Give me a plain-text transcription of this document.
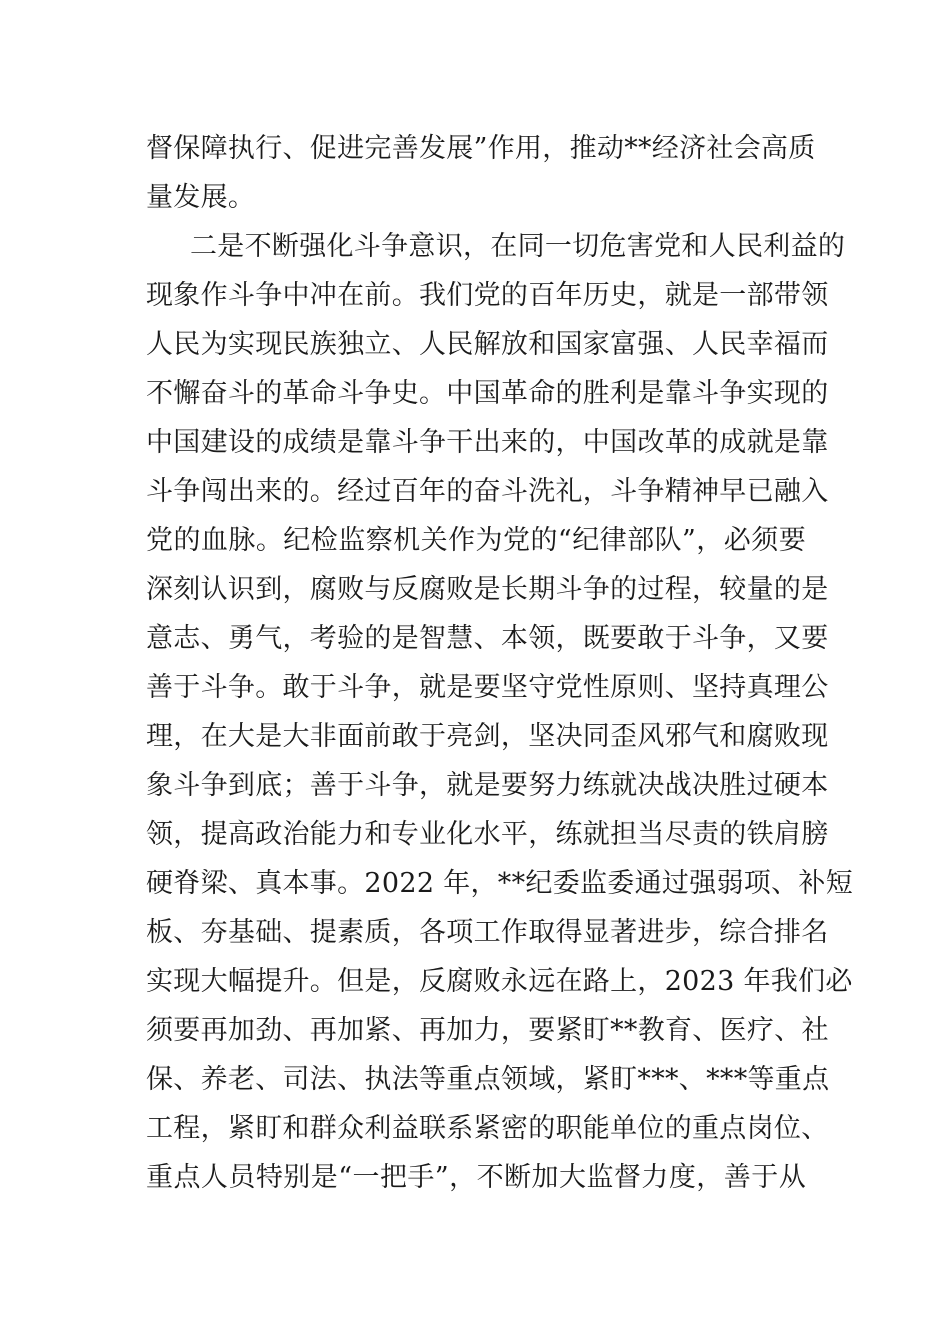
督保障执行、促进完善发展”作用，推动**经济社会高质
量发展。
二是不断强化斗争意识，在同一切危害党和人民利益的
现象作斗争中冲在前。我们党的百年历史，就是一部带领
人民为实现民族独立、人民解放和国家富强、人民幸福而
不懈奋斗的革命斗争史。中国革命的胜利是靠斗争实现的
中国建设的成绩是靠斗争干出来的，中国改革的成就是靠
斗争闯出来的。经过百年的奋斗洗礼，斗争精神早已融入
党的血脉。纪检监察机关作为党的“纪律部队”，必须要
深刻认识到，腐败与反腐败是长期斗争的过程，较量的是
意志、勇气，考验的是智慧、本领，既要敢于斗争，又要
善于斗争。敢于斗争，就是要坚守党性原则、坚持真理公
理，在大是大非面前敢于亮剑，坚决同歪风邪气和腐败现
象斗争到底；善于斗争，就是要努力练就决战决胜过硬本
领，提高政治能力和专业化水平，练就担当尽责的铁肩膀
硬脊梁、真本事。2022 年，**纪委监委通过强弱项、补短
板、夯基础、提素质，各项工作取得显著进步，综合排名
实现大幅提升。但是，反腐败永远在路上，2023 年我们必
须要再加劲、再加紧、再加力，要紧盯**教育、医疗、社
保、养老、司法、执法等重点领域，紧盯***、***等重点
工程，紧盯和群众利益联系紧密的职能单位的重点岗位、
重点人员特别是“一把手”，不断加大监督力度，善于从
